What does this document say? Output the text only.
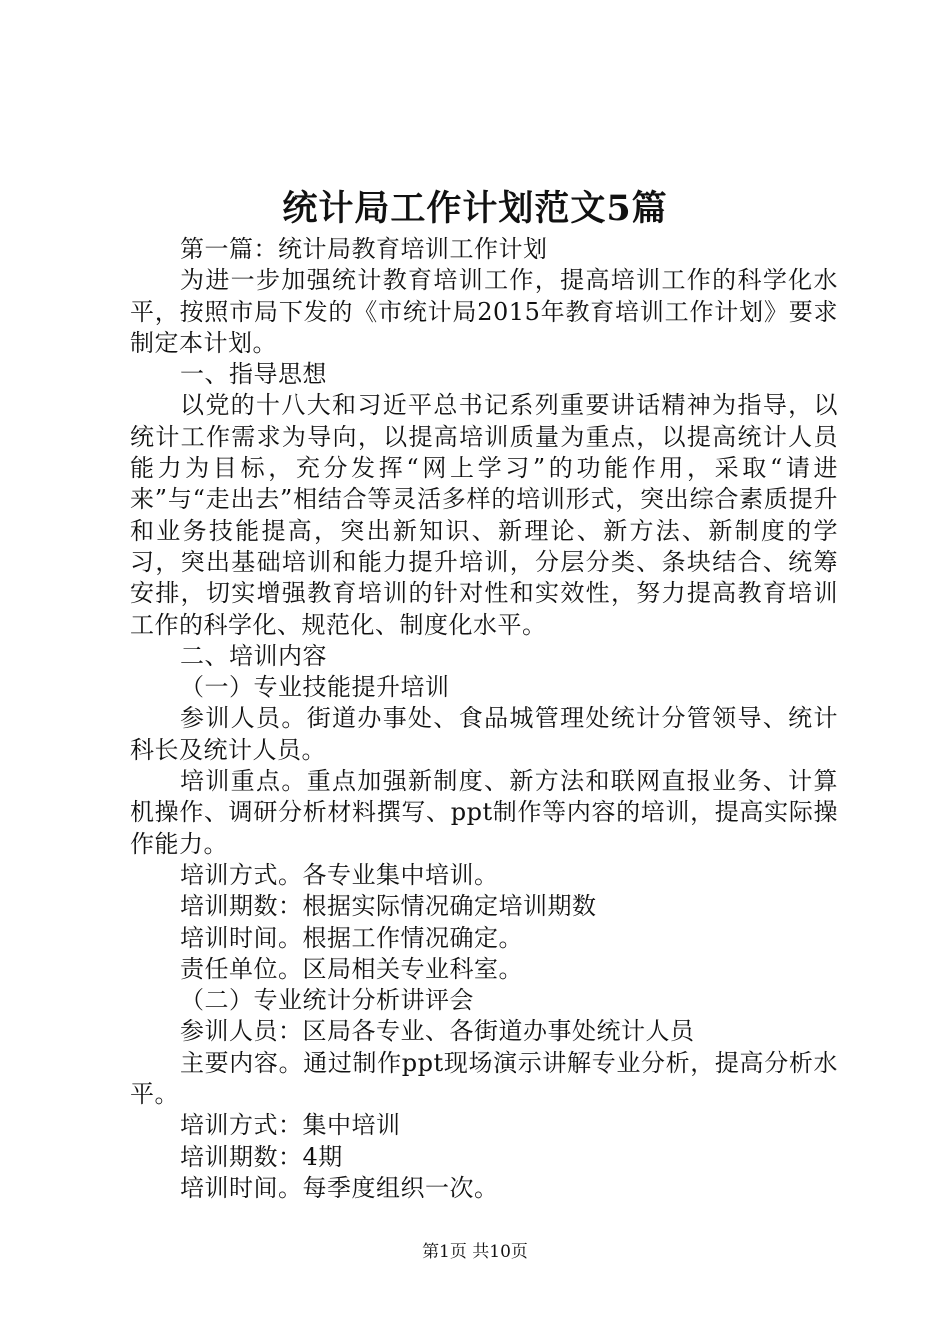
统计局工作计划范文5篇

第一篇：统计局教育培训工作计划

为进一步加强统计教育培训工作，提高培训工作的科学化水平，按照市局下发的《市统计局2015年教育培训工作计划》要求制定本计划。

一、指导思想

以党的十八大和习近平总书记系列重要讲话精神为指导，以统计工作需求为导向，以提高培训质量为重点，以提高统计人员能力为目标，充分发挥“网上学习”的功能作用，采取“请进来”与“走出去”相结合等灵活多样的培训形式，突出综合素质提升和业务技能提高，突出新知识、新理论、新方法、新制度的学习，突出基础培训和能力提升培训，分层分类、条块结合、统筹安排，切实增强教育培训的针对性和实效性，努力提高教育培训工作的科学化、规范化、制度化水平。

二、培训内容

（一）专业技能提升培训

参训人员。街道办事处、食品城管理处统计分管领导、统计科长及统计人员。

培训重点。重点加强新制度、新方法和联网直报业务、计算机操作、调研分析材料撰写、ppt制作等内容的培训，提高实际操作能力。

培训方式。各专业集中培训。

培训期数：根据实际情况确定培训期数

培训时间。根据工作情况确定。

责任单位。区局相关专业科室。

（二）专业统计分析讲评会

参训人员：区局各专业、各街道办事处统计人员

主要内容。通过制作ppt现场演示讲解专业分析，提高分析水平。

培训方式：集中培训

培训期数：4期

培训时间。每季度组织一次。

第1页 共10页
